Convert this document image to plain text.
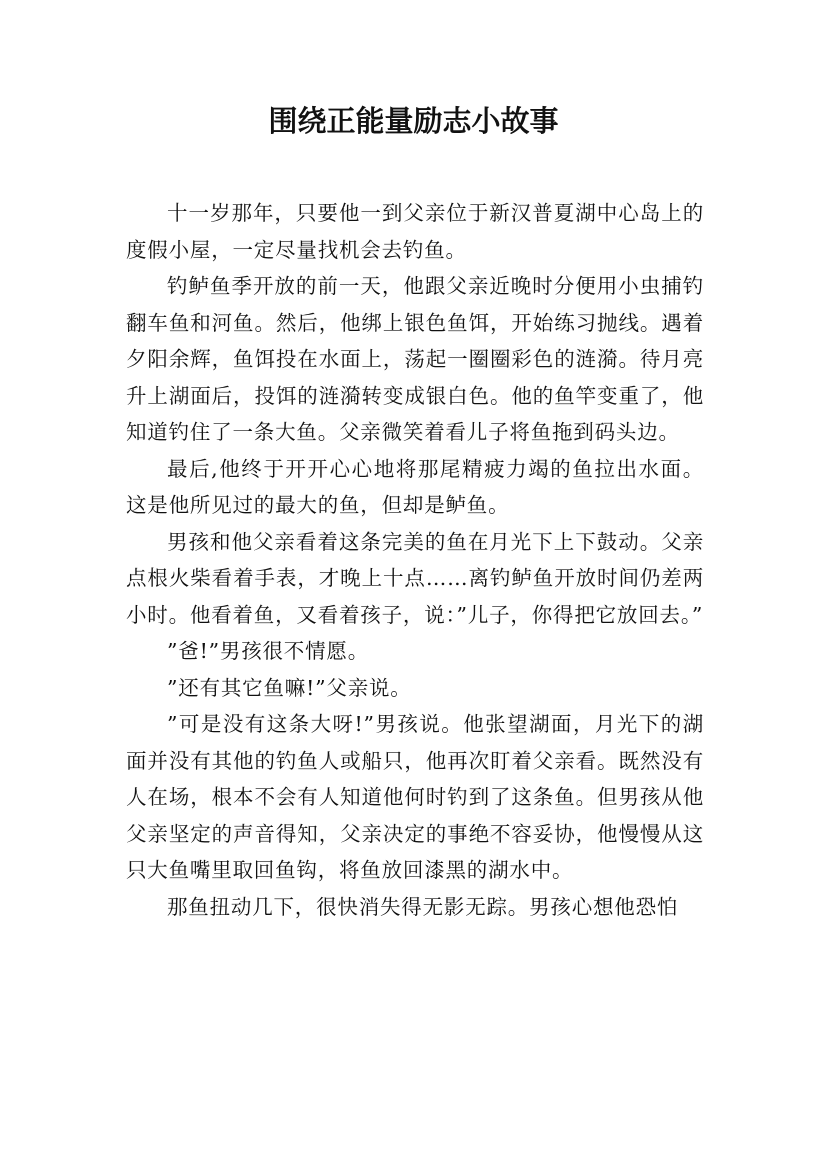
围绕正能量励志小故事

十一岁那年，只要他一到父亲位于新汉普夏湖中心岛上的度假小屋，一定尽量找机会去钓鱼。

钓鲈鱼季开放的前一天，他跟父亲近晚时分便用小虫捕钓翻车鱼和河鱼。然后，他绑上银色鱼饵，开始练习抛线。遇着夕阳余辉，鱼饵投在水面上，荡起一圈圈彩色的涟漪。待月亮升上湖面后，投饵的涟漪转变成银白色。他的鱼竿变重了，他知道钓住了一条大鱼。父亲微笑着看儿子将鱼拖到码头边。

最后,他终于开开心心地将那尾精疲力竭的鱼拉出水面。这是他所见过的最大的鱼，但却是鲈鱼。

男孩和他父亲看着这条完美的鱼在月光下上下鼓动。父亲点根火柴看着手表，才晚上十点……离钓鲈鱼开放时间仍差两小时。他看着鱼，又看着孩子，说：”儿子，你得把它放回去。”

”爸!”男孩很不情愿。

”还有其它鱼嘛!”父亲说。

”可是没有这条大呀!”男孩说。他张望湖面，月光下的湖面并没有其他的钓鱼人或船只，他再次盯着父亲看。既然没有人在场，根本不会有人知道他何时钓到了这条鱼。但男孩从他父亲坚定的声音得知，父亲决定的事绝不容妥协，他慢慢从这只大鱼嘴里取回鱼钩，将鱼放回漆黑的湖水中。

那鱼扭动几下，很快消失得无影无踪。男孩心想他恐怕
